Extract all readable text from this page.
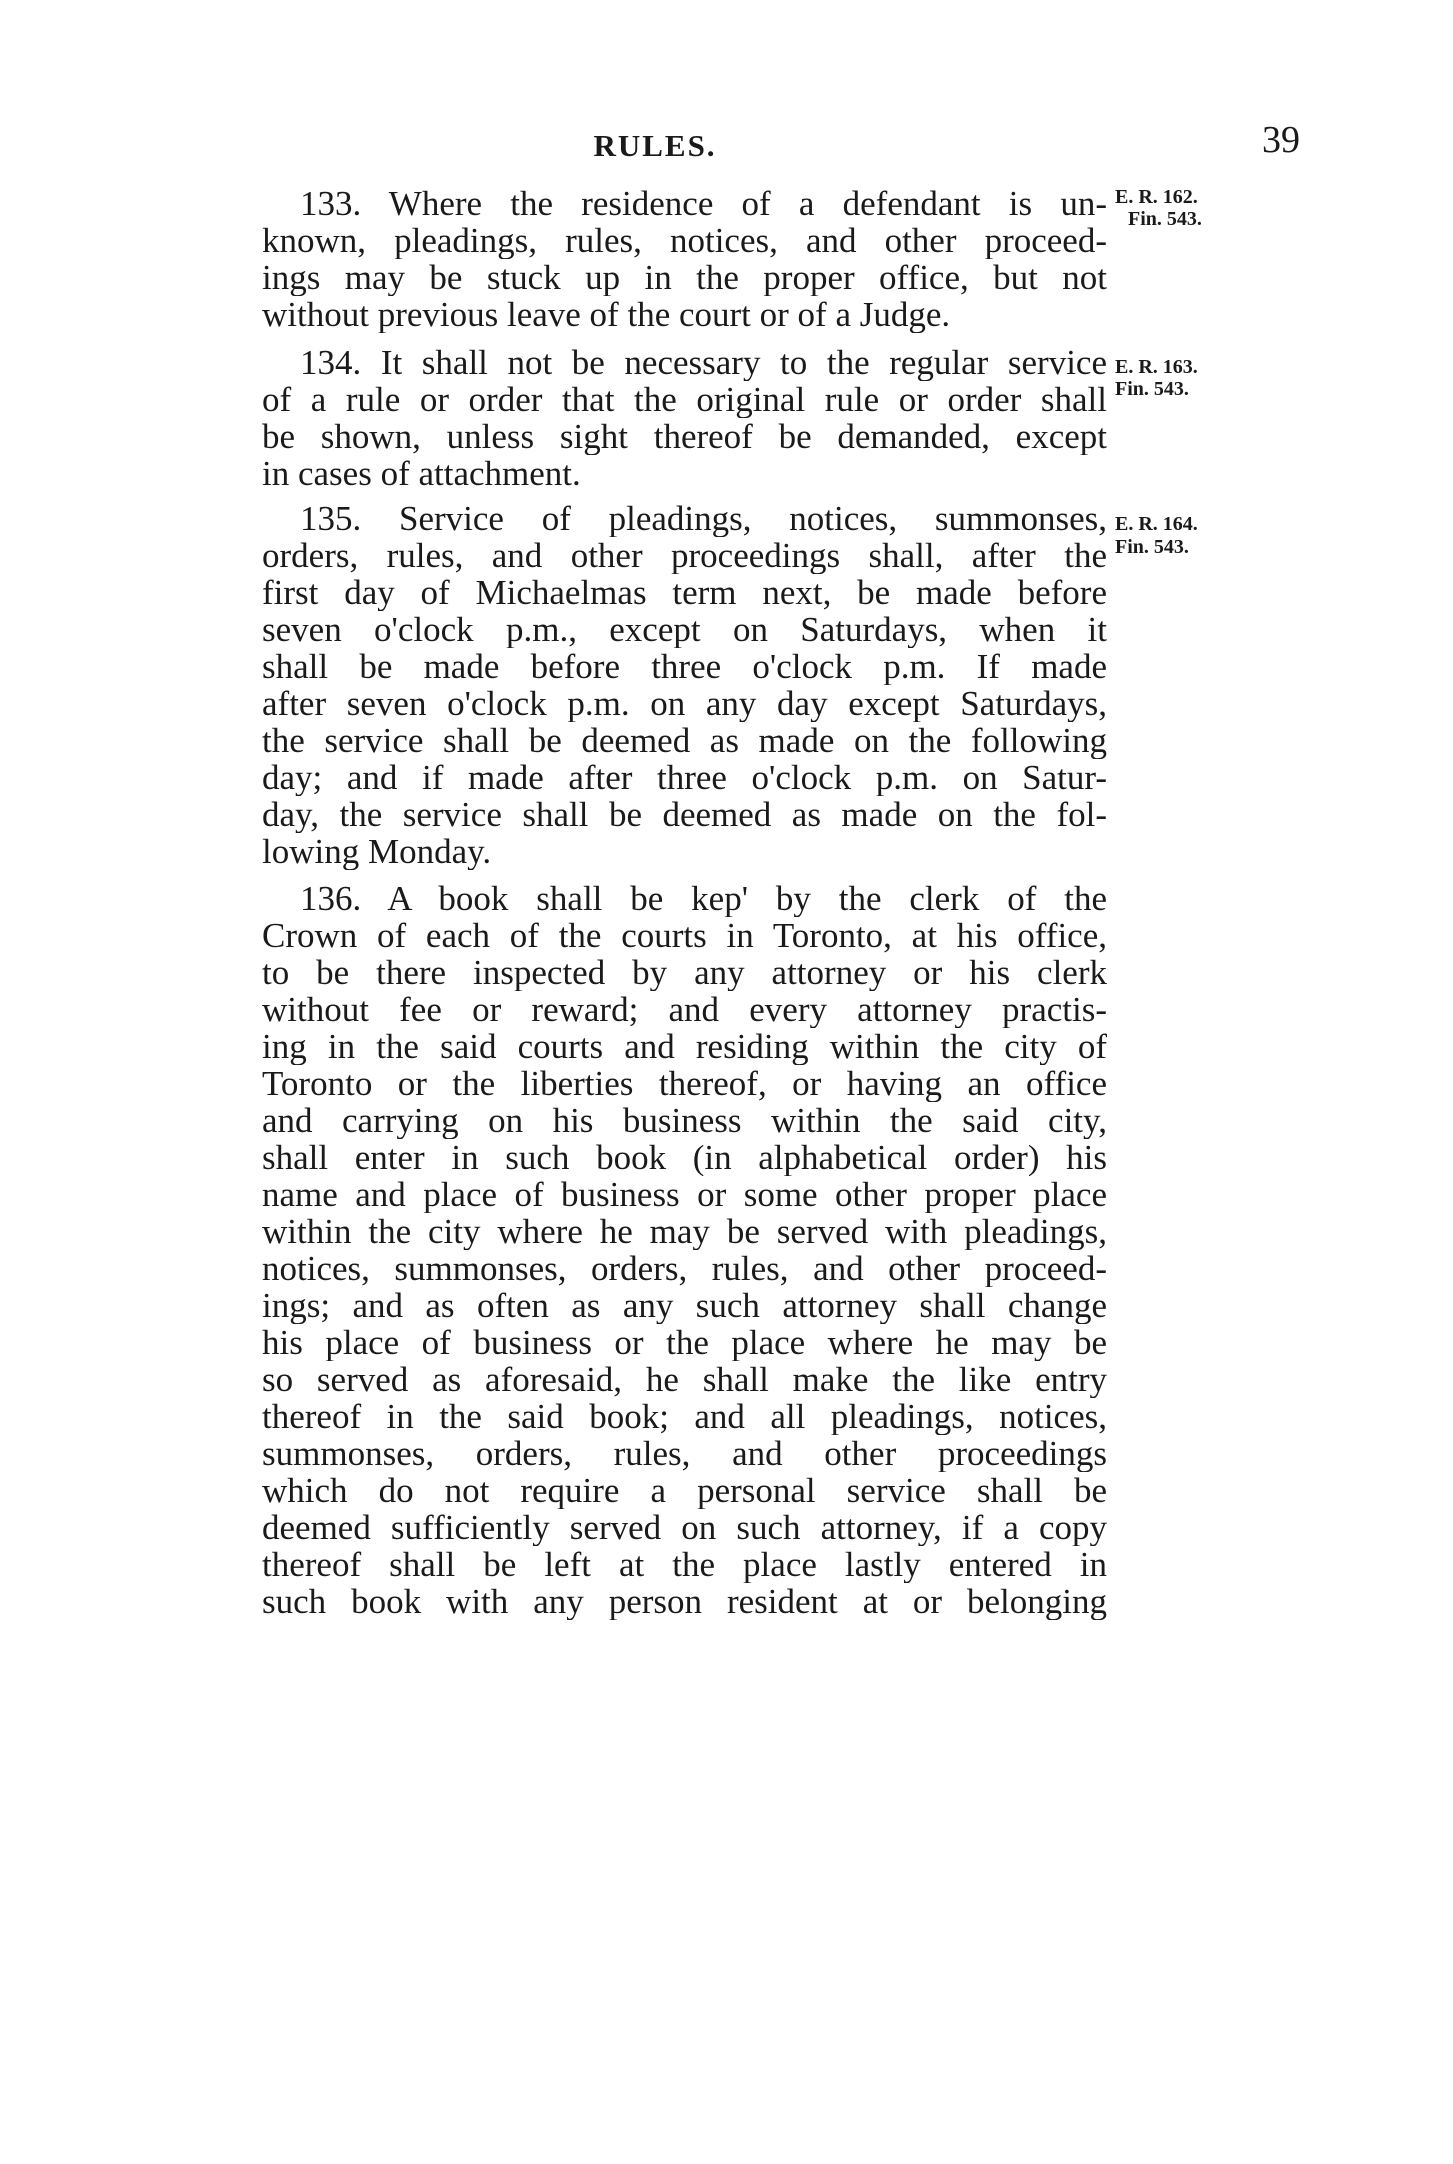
RULES.	39
133. Where the residence of a defendant is un-
known, pleadings, rules, notices, and other proceed-
ings may be stuck up in the proper office, but not
without previous leave of the court or of a Judge.
E. R. 162.
Fin. 543.
134. It shall not be necessary to the regular service
of a rule or order that the original rule or order shall
be shown, unless sight thereof be demanded, except
in cases of attachment.
E. R. 163.
Fin. 543.
135. Service of pleadings, notices, summonses,
orders, rules, and other proceedings shall, after the
first day of Michaelmas term next, be made before
seven o'clock p.m., except on Saturdays, when it
shall be made before three o'clock p.m. If made
after seven o'clock p.m. on any day except Saturdays,
the service shall be deemed as made on the following
day; and if made after three o'clock p.m. on Satur-
day, the service shall be deemed as made on the fol-
lowing Monday.
E. R. 164.
Fin. 543.
136. A book shall be kep' by the clerk of the
Crown of each of the courts in Toronto, at his office,
to be there inspected by any attorney or his clerk
without fee or reward; and every attorney practis-
ing in the said courts and residing within the city of
Toronto or the liberties thereof, or having an office
and carrying on his business within the said city,
shall enter in such book (in alphabetical order) his
name and place of business or some other proper place
within the city where he may be served with pleadings,
notices, summonses, orders, rules, and other proceed-
ings; and as often as any such attorney shall change
his place of business or the place where he may be
so served as aforesaid, he shall make the like entry
thereof in the said book; and all pleadings, notices,
summonses, orders, rules, and other proceedings
which do not require a personal service shall be
deemed sufficiently served on such attorney, if a copy
thereof shall be left at the place lastly entered in
such book with any person resident at or belonging
